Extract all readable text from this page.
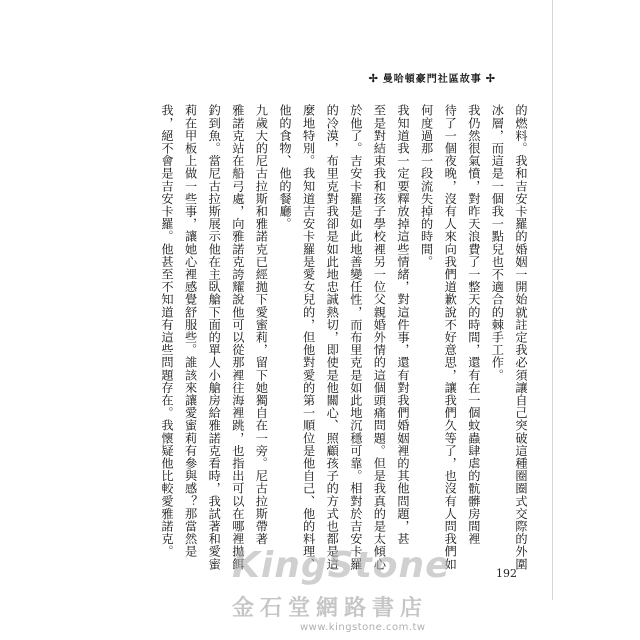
✢ 曼哈頓豪門社區故事 ✢
的燃料。我和吉安卡羅的婚姻一開始就註定我必須讓自己突破這種圈圈式交際的外圍
冰層，而這是一個我一點兒也不適合的棘手工作。
我仍然很氣憤，對昨天浪費了一整天的時間，還有在一個蚊蟲肆虐的骯髒房間裡
待了一個夜晚，沒有人來向我們道歉說不好意思，讓我們久等了，也沒有人問我們如
何度過那一段流失掉的時間。
我知道我一定要釋放掉這些情緒，對這件事，還有對我們婚姻裡的其他問題，甚
至是對結束我和孩子學校裡另一位父親婚外情的這個頭痛問題。但是我真的是太傾心
於他了。吉安卡羅是如此地善變任性，而布里克是如此地沉穩可靠。相對於吉安卡羅
的冷漠，布里克對我卻是如此地忠誠熱切，即使是他關心、照顧孩子的方式也都是這
麼地特別。我知道吉安卡羅是愛女兒的，但他對愛的第一順位是他自己、他的料理、
他的食物、他的餐廳。
九歲大的尼古拉斯和雅諾克已經拋下愛蜜莉，留下她獨自在一旁。尼古拉斯帶著
雅諾克站在船弓處，向雅諾克誇耀說他可以從那裡往海裡跳，也指出可以在哪裡拋餌
釣到魚。當尼古拉斯展示他在主臥艙下面的單人小艙房給雅諾克看時，我試著和愛蜜
莉在甲板上做一些事，讓她心裡感覺舒服些。誰該來讓愛蜜莉有參與感？那當然是
我，絕不會是吉安卡羅。他甚至不知道有這些問題存在。我懷疑他比較愛雅諾克。
192
KingStone
金石堂網路書店
www.kingstone.com.tw
